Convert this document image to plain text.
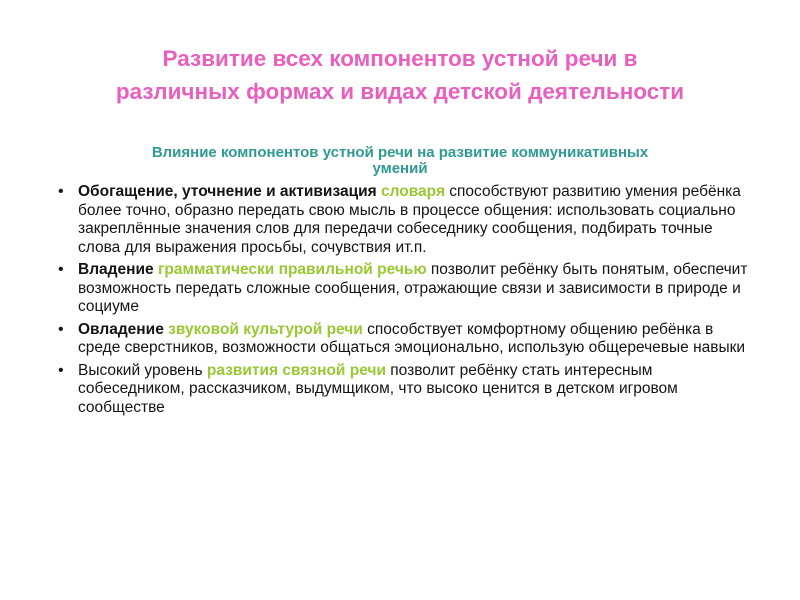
Развитие всех компонентов устной речи в
различных формах и видах детской деятельности
Влияние компонентов устной речи на развитие коммуникативных
умений
• Обогащение, уточнение и активизация словаря способствуют развитию умения ребёнка более точно, образно передать свою мысль в процессе общения: использовать социально закреплённые значения слов для передачи собеседнику сообщения, подбирать точные слова для выражения просьбы, сочувствия ит.п.
• Владение грамматически правильной речью позволит ребёнку быть понятым, обеспечит возможность передать сложные сообщения, отражающие связи и зависимости в природе и социуме
• Овладение звуковой культурой речи способствует комфортному общению ребёнка в среде сверстников, возможности общаться эмоционально, использую общеречевые навыки
• Высокий уровень развития связной речи позволит ребёнку стать интересным собеседником, рассказчиком, выдумщиком, что высоко ценится в детском игровом сообществе
